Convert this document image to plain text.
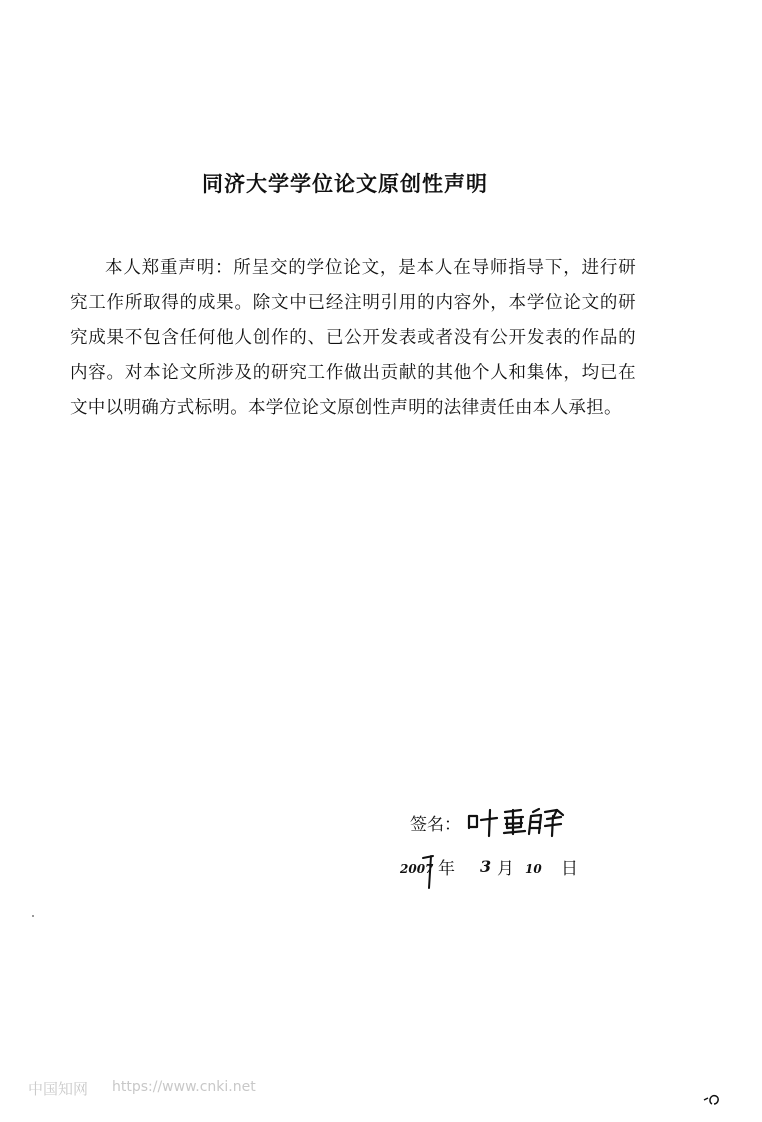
同济大学学位论文原创性声明

本人郑重声明：所呈交的学位论文，是本人在导师指导下，进行研究工作所取得的成果。除文中已经注明引用的内容外，本学位论文的研究成果不包含任何他人创作的、已公开发表或者没有公开发表的作品的内容。对本论文所涉及的研究工作做出贡献的其他个人和集体，均已在文中以明确方式标明。本学位论文原创性声明的法律责任由本人承担。

签名：
2007 年 3 月 10 日
中国知网 https://www.cnki.net
